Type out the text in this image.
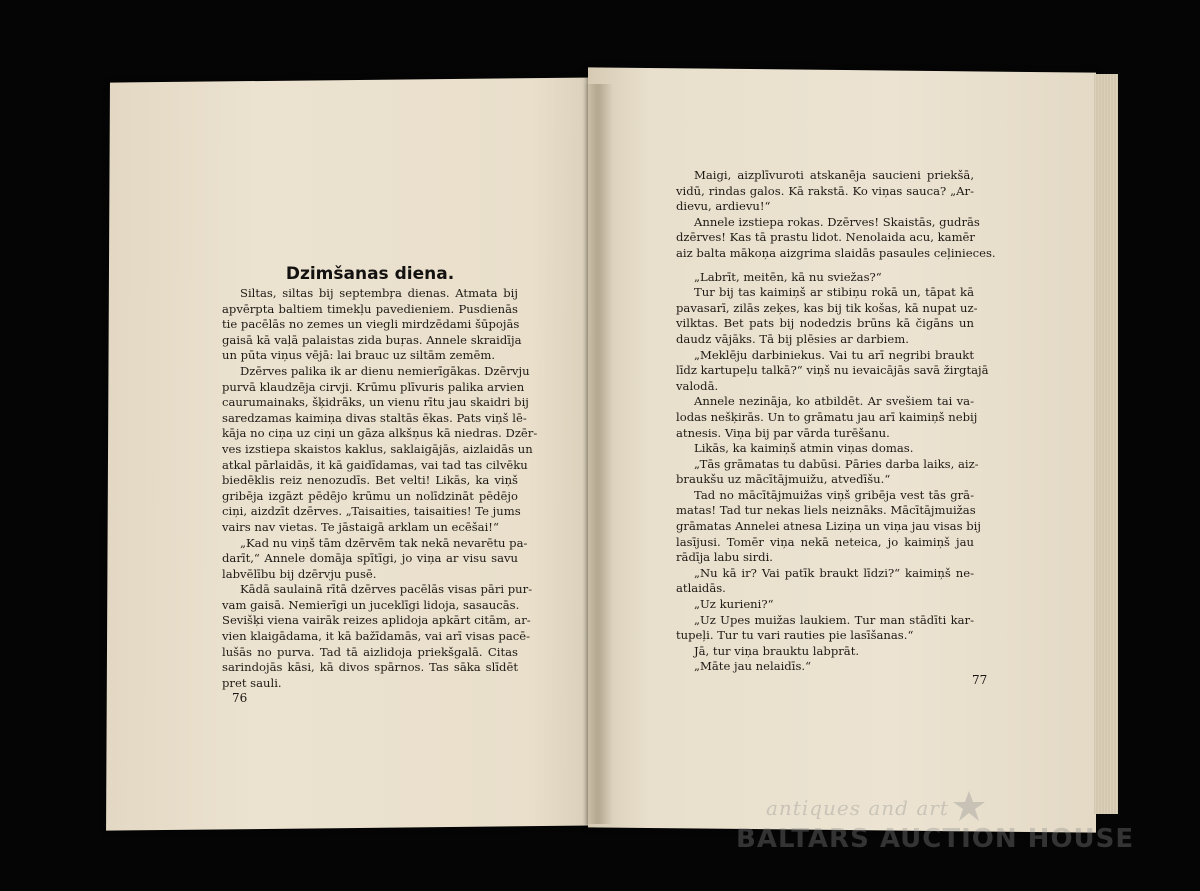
Dzimšanas diena.
Siltas, siltas bij septembŗa dienas. Atmata bij
apvērpta baltiem timekļu pavedieniem. Pusdienās
tie pacēlās no zemes un viegli mirdzēdami šūpojās
gaisā kā vaļā palaistas zida buŗas. Annele skraidīja
un pūta viņus vējā: lai brauc uz siltām zemēm.
Dzērves palika ik ar dienu nemierīgākas. Dzērvju
purvā klaudzēja cirvji. Krūmu plīvuris palika arvien
caurumainaks, šķidrāks, un vienu rītu jau skaidri bij
saredzamas kaimiņa divas staltās ēkas. Pats viņš lē-
kāja no ciņa uz ciņi un gāza alkšņus kā niedras. Dzēr-
ves izstiepa skaistos kaklus, saklaigājās, aizlaidās un
atkal pārlaidās, it kā gaidīdamas, vai tad tas cilvēku
biedēklis reiz nenozudīs. Bet velti! Likās, ka viņš
gribēja izgāzt pēdējo krūmu un nolīdzināt pēdējo
ciņi, aizdzīt dzērves. „Taisaities, taisaities! Te jums
vairs nav vietas. Te jāstaigā arklam un ecēšai!“
„Kad nu viņš tām dzērvēm tak nekā nevarētu pa-
darīt,“ Annele domāja spītīgi, jo viņa ar visu savu
labvēlību bij dzērvju pusē.
Kādā saulainā rītā dzērves pacēlās visas pāri pur-
vam gaisā. Nemierīgi un juceklīgi lidoja, sasaucās.
Sevišķi viena vairāk reizes aplidoja apkārt citām, ar-
vien klaigādama, it kā bažīdamās, vai arī visas pacē-
lušās no purva. Tad tā aizlidoja priekšgalā. Citas
sarindojās kāsi, kā divos spārnos. Tas sāka slīdēt
pret sauli.
76
Maigi, aizplīvuroti atskanēja saucieni priekšā,
vidū, rindas galos. Kā rakstā. Ko viņas sauca? „Ar-
dievu, ardievu!“
Annele izstiepa rokas. Dzērves! Skaistās, gudrās
dzērves! Kas tā prastu lidot. Nenolaida acu, kamēr
aiz balta mākoņa aizgrima slaidās pasaules ceļinieces.

„Labrīt, meitēn, kā nu sviežas?“
Tur bij tas kaimiņš ar stibiņu rokā un, tāpat kā
pavasarī, zilās zeķes, kas bij tik košas, kā nupat uz-
vilktas. Bet pats bij nodedzis brūns kā čigāns un
daudz vājāks. Tā bij plēsies ar darbiem.
„Meklēju darbiniekus. Vai tu arī negribi braukt
līdz kartupeļu talkā?“ viņš nu ievaicājās savā žirgtajā
valodā.
Annele nezināja, ko atbildēt. Ar svešiem tai va-
lodas nešķirās. Un to grāmatu jau arī kaimiņš nebij
atnesis. Viņa bij par vārda turēšanu.
Likās, ka kaimiņš atmin viņas domas.
„Tās grāmatas tu dabūsi. Pāries darba laiks, aiz-
braukšu uz mācītājmuižu, atvedīšu.“
Tad no mācītājmuižas viņš gribēja vest tās grā-
matas! Tad tur nekas liels neiznāks. Mācītājmuižas
grāmatas Annelei atnesa Liziņa un viņa jau visas bij
lasījusi. Tomēr viņa nekā neteica, jo kaimiņš jau
rādīja labu sirdi.
„Nu kā ir? Vai patīk braukt līdzi?“ kaimiņš ne-
atlaidās.
„Uz kurieni?“
„Uz Upes muižas laukiem. Tur man stādīti kar-
tupeļi. Tur tu vari rauties pie lasīšanas.“
Jā, tur viņa brauktu labprāt.
„Māte jau nelaidīs.“
77
antiques and art
BALTARS AUCTION HOUSE
